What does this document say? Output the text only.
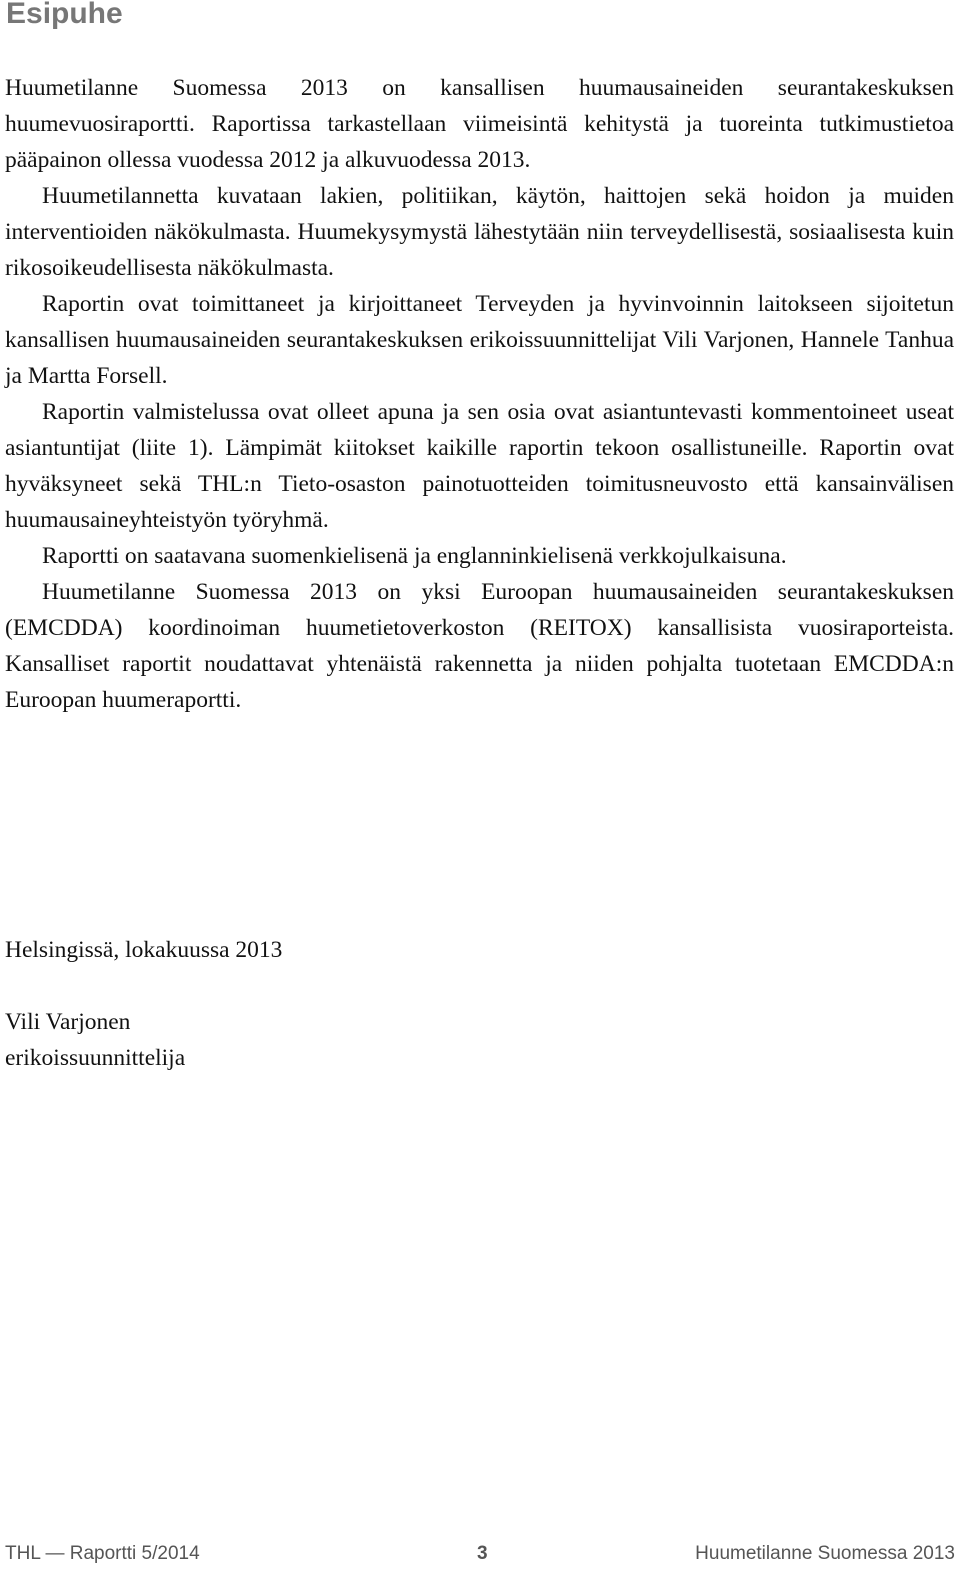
Esipuhe

Huumetilanne Suomessa 2013 on kansallisen huumausaineiden seurantakeskuksen huumevuosiraportti. Raportissa tarkastellaan viimeisintä kehitystä ja tuoreinta tutkimustietoa pääpainon ollessa vuodessa 2012 ja alkuvuodessa 2013.

Huumetilannetta kuvataan lakien, politiikan, käytön, haittojen sekä hoidon ja muiden interventioiden näkökulmasta. Huumekysymystä lähestytään niin terveydellisestä, sosiaalisesta kuin rikosoikeudellisesta näkökulmasta.

Raportin ovat toimittaneet ja kirjoittaneet Terveyden ja hyvinvoinnin laitokseen sijoitetun kansallisen huumausaineiden seurantakeskuksen erikoissuunnittelijat Vili Varjonen, Hannele Tanhua ja Martta Forsell.

Raportin valmistelussa ovat olleet apuna ja sen osia ovat asiantuntevasti kommentoineet useat asiantuntijat (liite 1). Lämpimät kiitokset kaikille raportin tekoon osallistuneille. Raportin ovat hyväksyneet sekä THL:n Tieto-osaston painotuotteiden toimitusneuvosto että kansainvälisen huumausaineyhteistyön työryhmä.

Raportti on saatavana suomenkielisenä ja englanninkielisenä verkkojulkaisuna.

Huumetilanne Suomessa 2013 on yksi Euroopan huumausaineiden seurantakeskuksen (EMCDDA) koordinoiman huumetietoverkoston (REITOX) kansallisista vuosiraporteista. Kansalliset raportit noudattavat yhtenäistä rakennetta ja niiden pohjalta tuotetaan EMCDDA:n Euroopan huumeraportti.

Helsingissä, lokakuussa 2013
Vili Varjonen
erikoissuunnittelija
THL — Raportti 5/2014	3	Huumetilanne Suomessa 2013
